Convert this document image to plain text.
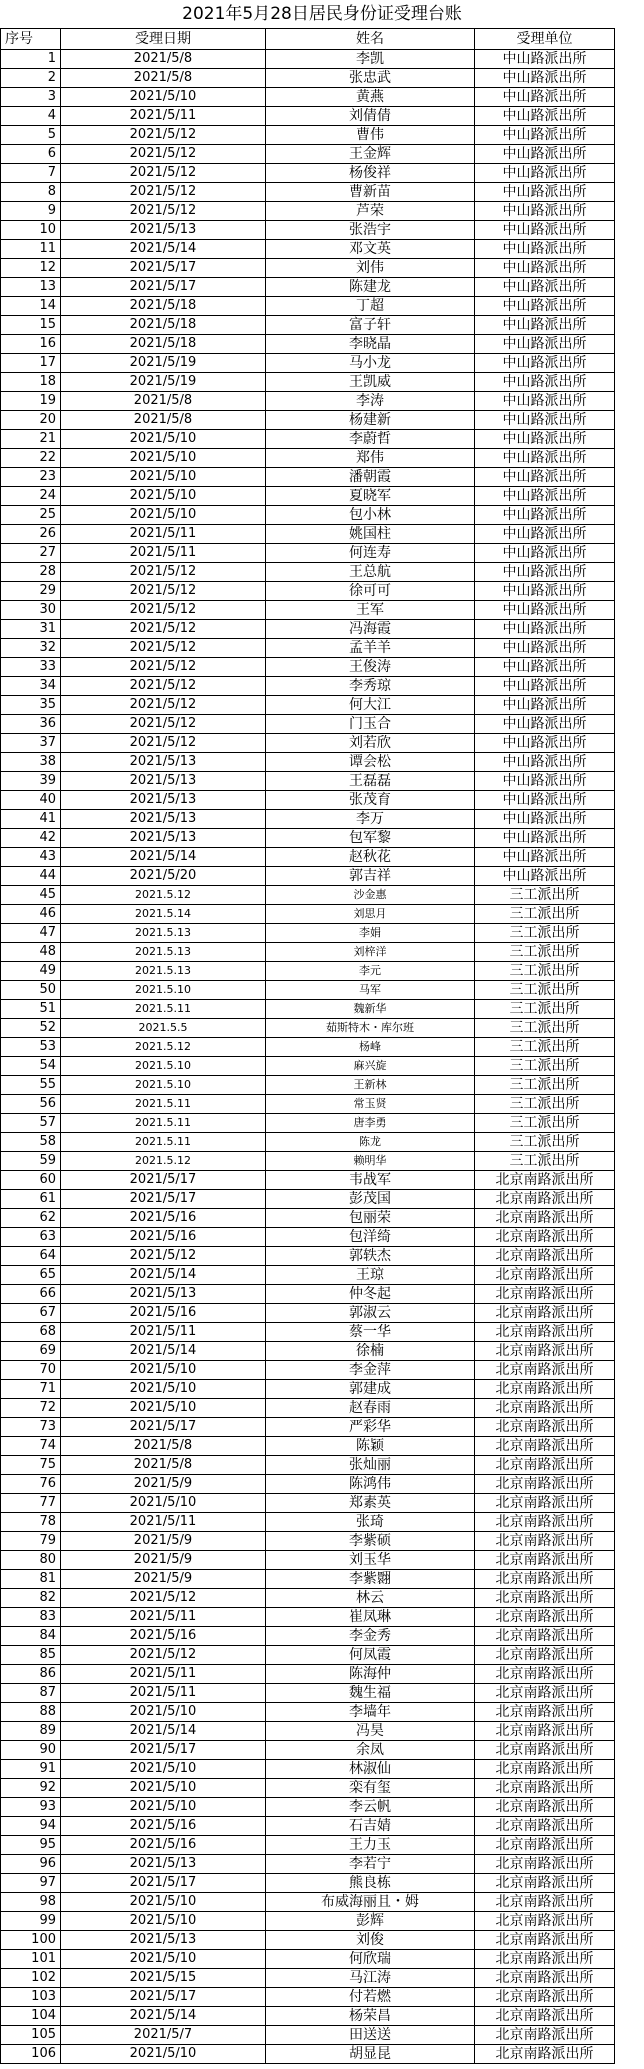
2021年5月28日居民身份证受理台账
序号	受理日期	姓名	受理单位
1	2021/5/8	李凯	中山路派出所
2	2021/5/8	张忠武	中山路派出所
3	2021/5/10	黄燕	中山路派出所
4	2021/5/11	刘倩倩	中山路派出所
5	2021/5/12	曹伟	中山路派出所
6	2021/5/12	王金辉	中山路派出所
7	2021/5/12	杨俊祥	中山路派出所
8	2021/5/12	曹新苗	中山路派出所
9	2021/5/12	芦荣	中山路派出所
10	2021/5/13	张浩宇	中山路派出所
11	2021/5/14	邓文英	中山路派出所
12	2021/5/17	刘伟	中山路派出所
13	2021/5/17	陈建龙	中山路派出所
14	2021/5/18	丁超	中山路派出所
15	2021/5/18	富子轩	中山路派出所
16	2021/5/18	李晓晶	中山路派出所
17	2021/5/19	马小龙	中山路派出所
18	2021/5/19	王凯威	中山路派出所
19	2021/5/8	李涛	中山路派出所
20	2021/5/8	杨建新	中山路派出所
21	2021/5/10	李蔚哲	中山路派出所
22	2021/5/10	郑伟	中山路派出所
23	2021/5/10	潘朝霞	中山路派出所
24	2021/5/10	夏晓军	中山路派出所
25	2021/5/10	包小林	中山路派出所
26	2021/5/11	姚国柱	中山路派出所
27	2021/5/11	何连寿	中山路派出所
28	2021/5/12	王总航	中山路派出所
29	2021/5/12	徐可可	中山路派出所
30	2021/5/12	王军	中山路派出所
31	2021/5/12	冯海霞	中山路派出所
32	2021/5/12	孟羊羊	中山路派出所
33	2021/5/12	王俊涛	中山路派出所
34	2021/5/12	李秀琼	中山路派出所
35	2021/5/12	何大江	中山路派出所
36	2021/5/12	门玉合	中山路派出所
37	2021/5/12	刘若欣	中山路派出所
38	2021/5/13	谭会松	中山路派出所
39	2021/5/13	王磊磊	中山路派出所
40	2021/5/13	张茂育	中山路派出所
41	2021/5/13	李万	中山路派出所
42	2021/5/13	包军黎	中山路派出所
43	2021/5/14	赵秋花	中山路派出所
44	2021/5/20	郭吉祥	中山路派出所
45	2021.5.12	沙金惠	三工派出所
46	2021.5.14	刘思月	三工派出所
47	2021.5.13	李娟	三工派出所
48	2021.5.13	刘梓洋	三工派出所
49	2021.5.13	李元	三工派出所
50	2021.5.10	马军	三工派出所
51	2021.5.11	魏新华	三工派出所
52	2021.5.5	茹斯特木・库尔班	三工派出所
53	2021.5.12	杨峰	三工派出所
54	2021.5.10	麻兴旋	三工派出所
55	2021.5.10	王新林	三工派出所
56	2021.5.11	常玉贤	三工派出所
57	2021.5.11	唐李勇	三工派出所
58	2021.5.11	陈龙	三工派出所
59	2021.5.12	赖明华	三工派出所
60	2021/5/17	韦战军	北京南路派出所
61	2021/5/17	彭茂国	北京南路派出所
62	2021/5/16	包丽荣	北京南路派出所
63	2021/5/16	包洋绮	北京南路派出所
64	2021/5/12	郭轶杰	北京南路派出所
65	2021/5/14	王琼	北京南路派出所
66	2021/5/13	仲冬起	北京南路派出所
67	2021/5/16	郭淑云	北京南路派出所
68	2021/5/11	蔡一华	北京南路派出所
69	2021/5/14	徐楠	北京南路派出所
70	2021/5/10	李金萍	北京南路派出所
71	2021/5/10	郭建成	北京南路派出所
72	2021/5/10	赵春雨	北京南路派出所
73	2021/5/17	严彩华	北京南路派出所
74	2021/5/8	陈颖	北京南路派出所
75	2021/5/8	张灿丽	北京南路派出所
76	2021/5/9	陈鸿伟	北京南路派出所
77	2021/5/10	郑素英	北京南路派出所
78	2021/5/11	张琦	北京南路派出所
79	2021/5/9	李紫硕	北京南路派出所
80	2021/5/9	刘玉华	北京南路派出所
81	2021/5/9	李紫翾	北京南路派出所
82	2021/5/12	林云	北京南路派出所
83	2021/5/11	崔凤琳	北京南路派出所
84	2021/5/16	李金秀	北京南路派出所
85	2021/5/12	何凤霞	北京南路派出所
86	2021/5/11	陈海仲	北京南路派出所
87	2021/5/11	魏生福	北京南路派出所
88	2021/5/10	李墙年	北京南路派出所
89	2021/5/14	冯昊	北京南路派出所
90	2021/5/17	余凤	北京南路派出所
91	2021/5/10	林淑仙	北京南路派出所
92	2021/5/10	栾有玺	北京南路派出所
93	2021/5/10	李云帆	北京南路派出所
94	2021/5/16	石吉婧	北京南路派出所
95	2021/5/16	王力玉	北京南路派出所
96	2021/5/13	李若宁	北京南路派出所
97	2021/5/17	熊良栋	北京南路派出所
98	2021/5/10	布威海丽且・姆	北京南路派出所
99	2021/5/10	彭辉	北京南路派出所
100	2021/5/13	刘俊	北京南路派出所
101	2021/5/10	何欣瑞	北京南路派出所
102	2021/5/15	马江涛	北京南路派出所
103	2021/5/17	付若燃	北京南路派出所
104	2021/5/14	杨荣昌	北京南路派出所
105	2021/5/7	田送送	北京南路派出所
106	2021/5/10	胡显昆	北京南路派出所
